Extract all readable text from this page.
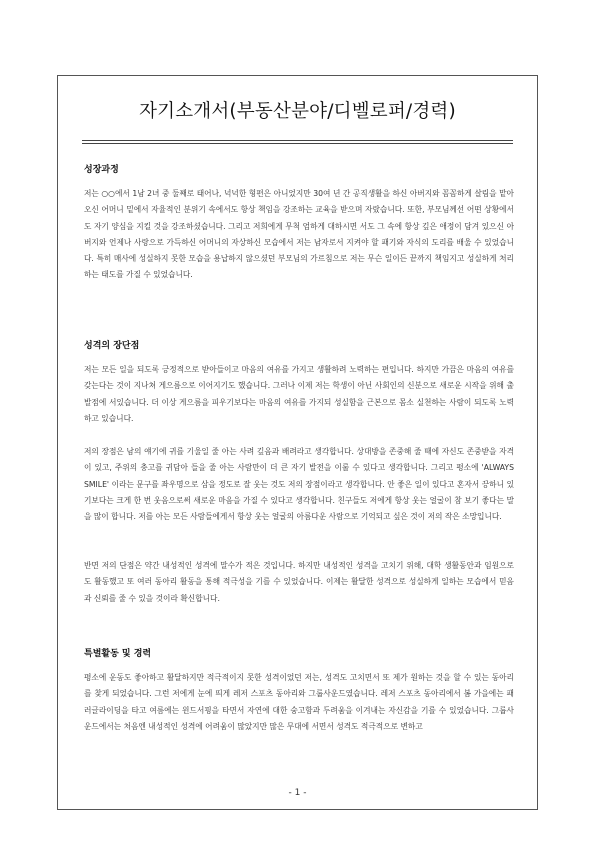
자기소개서(부동산분야/디벨로퍼/경력)
성장과정

저는 ○○에서 1남 2녀 중 둘째로 태어나, 넉넉한 형편은 아니었지만 30여 년 간 공직생활을 하신 아버지와 꼼꼼하게 살림을 맡아 오신 어머니 밑에서 자율적인 분위기 속에서도 항상 책임을 강조하는 교육을 받으며 자랐습니다. 또한, 부모님께선 어떤 상황에서도 자기 양심을 지킬 것을 강조하셨습니다. 그리고 저희에게 무척 엄하게 대하시면 서도 그 속에 항상 깊은 애정이 담겨 있으신 아버지와 언제나 사랑으로 가득하신 어머니의 자상하신 모습에서 저는 남자로서 지켜야 할 패기와 자식의 도리를 배울 수 있었습니다. 특히 매사에 성실하지 못한 모습을 용납하지 않으셨던 부모님의 가르침으로 저는 무슨 일이든 끝까지 책임지고 성실하게 처리하는 태도를 가질 수 있었습니다.

성격의 장단점

저는 모든 일을 되도록 긍정적으로 받아들이고 마음의 여유를 가지고 생활하려 노력하는 편입니다. 하지만 가끔은 마음의 여유를 갖는다는 것이 지나쳐 게으름으로 이어지기도 했습니다. 그러나 이제 저는 학생이 아닌 사회인의 신분으로 새로운 시작을 위해 출발점에 서있습니다. 더 이상 게으름을 피우기보다는 마음의 여유를 가지되 성실함을 근본으로 몸소 실천하는 사람이 되도록 노력하고 있습니다.

저의 장점은 남의 얘기에 귀를 기울일 줄 아는 사려 깊음과 배려라고 생각합니다. 상대방을 존중해 줄 때에 자신도 존중받을 자격이 있고, 주위의 충고를 귀담아 들을 줄 아는 사람만이 더 큰 자기 발전을 이룰 수 있다고 생각합니다. 그리고 평소에 'ALWAYS SMILE' 이라는 문구를 좌우명으로 삼을 정도로 잘 웃는 것도 저의 장점이라고 생각합니다. 안 좋은 일이 있다고 혼자서 끙하니 있기보다는 크게 한 번 웃음으로써 새로운 마음을 가질 수 있다고 생각합니다. 친구들도 저에게 항상 웃는 얼굴이 참 보기 좋다는 말을 많이 합니다. 저를 아는 모든 사람들에게서 항상 웃는 얼굴의 아름다운 사람으로 기억되고 싶은 것이 저의 작은 소망입니다.

반면 저의 단점은 약간 내성적인 성격에 말수가 적은 것입니다. 하지만 내성적인 성격을 고치기 위해, 대학 생활동안과 임원으로도 활동했고 또 여러 동아리 활동을 통해 적극성을 기를 수 있었습니다. 이제는 활달한 성격으로 성실하게 일하는 모습에서 믿음과 신뢰를 줄 수 있을 것이라 확신합니다.

특별활동 및 경력

평소에 운동도 좋아하고 활달하지만 적극적이지 못한 성격이었던 저는, 성격도 고치면서 또 제가 원하는 것을 할 수 있는 동아리를 찾게 되었습니다. 그런 저에게 눈에 띄게 레저 스포츠 동아리와 그룹사운드였습니다. 레저 스포츠 동아리에서 봄 가을에는 패러글라이딩을 타고 여름에는 윈드서핑을 타면서 자연에 대한 숭고함과 두려움을 이겨내는 자신감을 기를 수 있었습니다. 그룹사운드에서는 처음엔 내성적인 성격에 어려움이 많았지만 많은 무대에 서면서 성격도 적극적으로 변하고

- 1 -
